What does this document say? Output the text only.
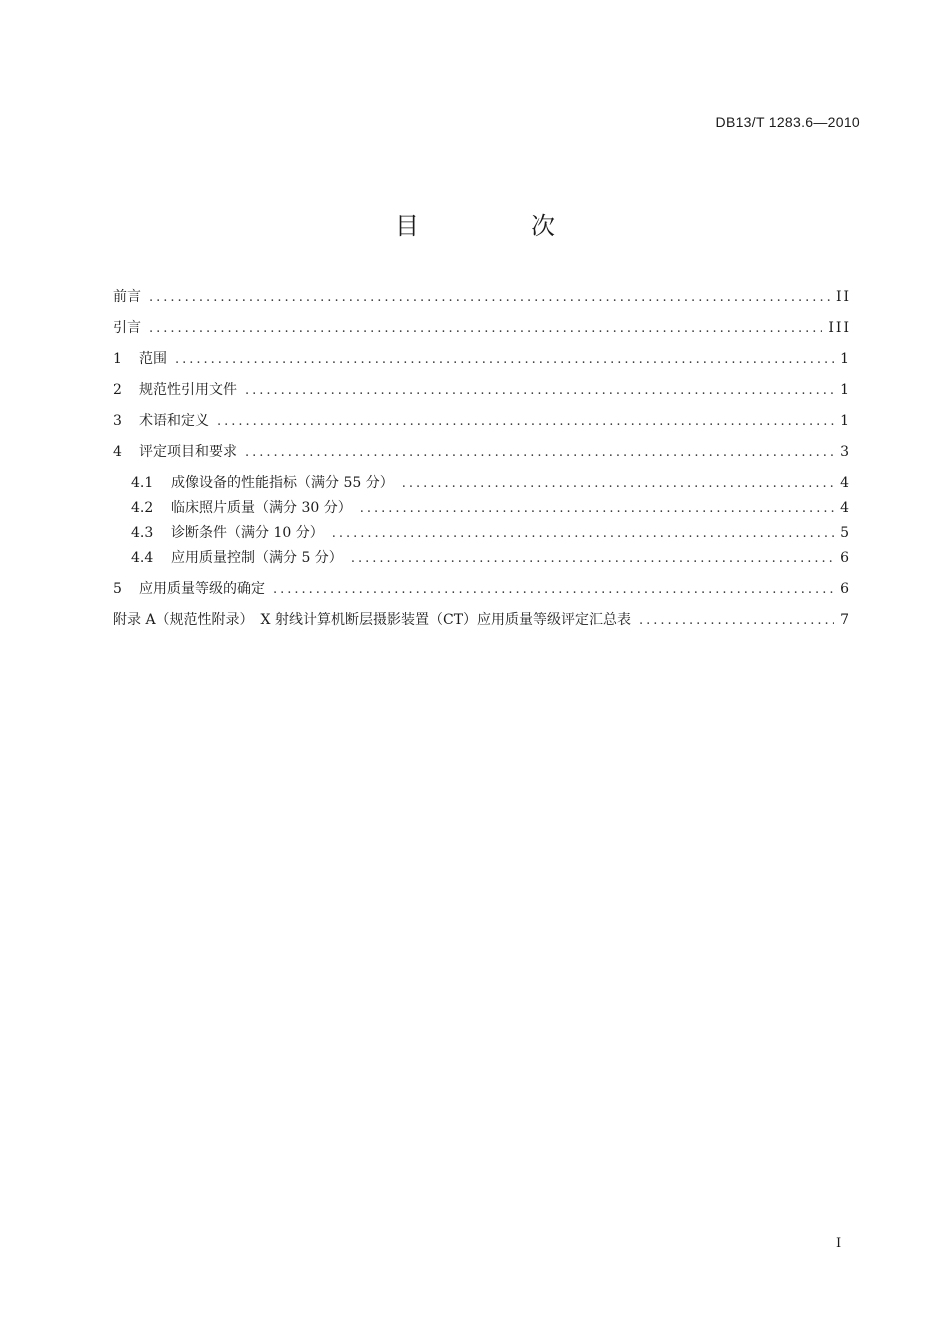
DB13/T 1283.6—2010
目　次
前言 .....	II
引言 .....	III
1	范围 .....	1
2	规范性引用文件 .....	1
3	术语和定义 .....	1
4	评定项目和要求 .....	3
4.1	成像设备的性能指标（满分 55 分） .....	4
4.2	临床照片质量（满分 30 分） .....	4
4.3	诊断条件（满分 10 分） .....	5
4.4	应用质量控制（满分 5 分） .....	6
5	应用质量等级的确定 .....	6
附录 A（规范性附录）　X 射线计算机断层摄影装置（CT）应用质量等级评定汇总表 .....	7
I
